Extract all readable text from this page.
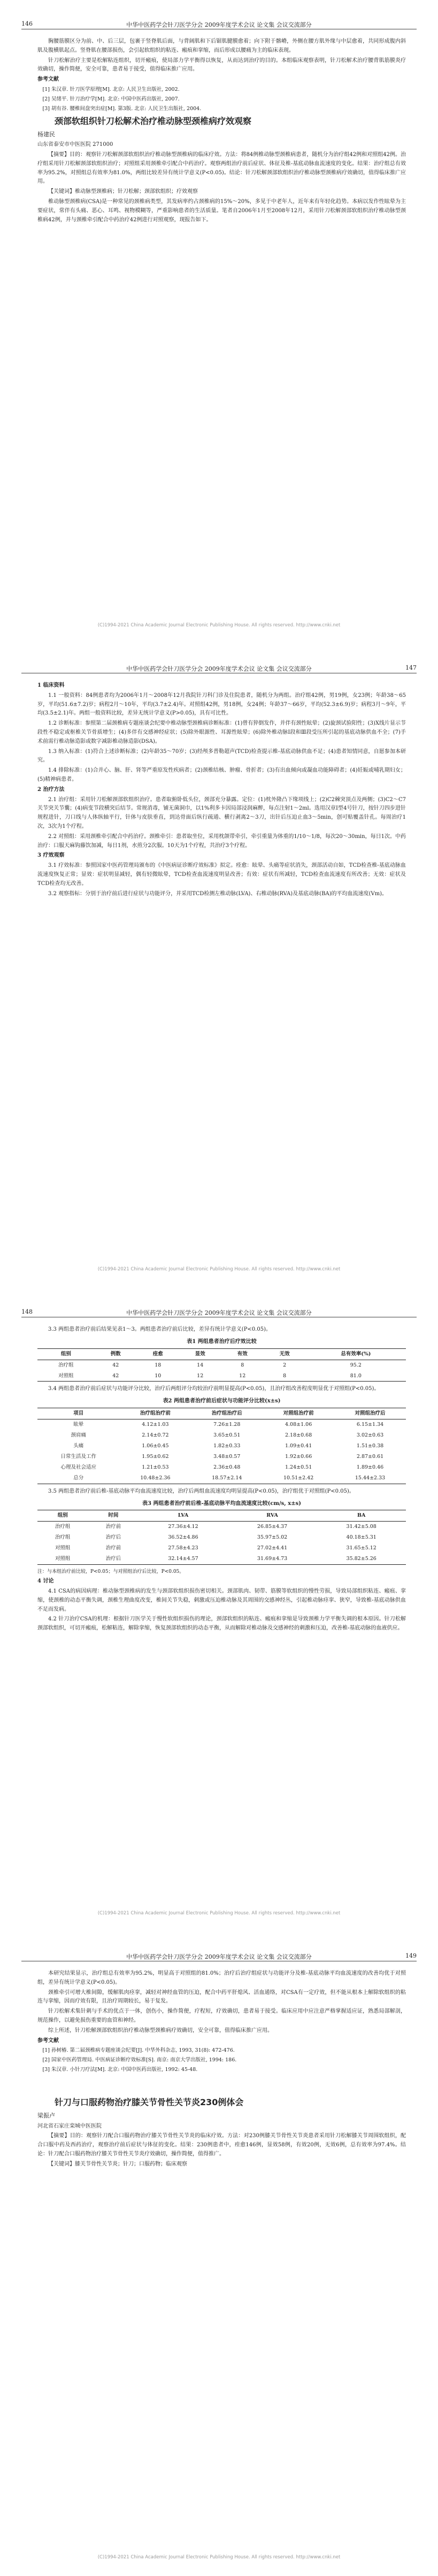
146	中华中医药学会针刀医学分会 2009年度学术会议 论文集 会议交流部分

胸腰筋膜区分为前、中、后三层，包裹于竖脊肌后面，与背阔肌和下后锯肌腱膜愈着；向下附于髂嵴，外侧在腰方肌外缘与中层愈着，共同形成腹内斜肌及腹横肌起点。竖脊肌在腰部损伤，会引起软组织的粘连、瘢痕和挛缩，而后形成以腰痛为主的临床表现。

针刀松解治疗主要是松解粘连组织，切开瘢痕，使局部力学平衡得以恢复，从而达到治疗的目的。本组临床观察表明，针刀松解术治疗腰背肌筋膜炎疗效确切，操作简便，安全可靠，患者易于接受，值得临床推广应用。

参考文献

[1] 朱汉章. 针刀医学原理[M]. 北京: 人民卫生出版社, 2002.

[2] 吴绪平. 针刀治疗学[M]. 北京: 中国中医药出版社, 2007.

[3] 胡有谷. 腰椎间盘突出症[M]. 第3版. 北京: 人民卫生出版社, 2004.

颈部软组织针刀松解术治疗椎动脉型颈椎病疗效观察

杨建民

山东省泰安市中医医院 271000

【摘要】目的：观察针刀松解颈部软组织治疗椎动脉型颈椎病的临床疗效。方法：将84例椎动脉型颈椎病患者，随机分为治疗组42例和对照组42例。治疗组采用针刀松解颈部软组织治疗；对照组采用颈椎牵引配合中药治疗。观察两组治疗前后症状、体征及椎-基底动脉血流速度的变化。结果：治疗组总有效率为95.2%，对照组总有效率为81.0%，两组比较差异有统计学意义(P<0.05)。结论：针刀松解颈部软组织治疗椎动脉型颈椎病疗效确切，值得临床推广应用。

【关键词】椎动脉型颈椎病；针刀松解；颈部软组织；疗效观察

椎动脉型颈椎病(CSA)是一种常见的颈椎病类型，其发病率约占颈椎病的15%～20%，多见于中老年人，近年来有年轻化趋势。本病以发作性眩晕为主要症状，常伴有头痛、恶心、耳鸣、视物模糊等，严重影响患者的生活质量。笔者自2006年1月至2008年12月，采用针刀松解颈部软组织治疗椎动脉型颈椎病42例，并与颈椎牵引配合中药治疗42例进行对照观察，现报告如下。

(C)1994-2021 China Academic Journal Electronic Publishing House. All rights reserved. http://www.cnki.net
中华中医药学会针刀医学分会 2009年度学术会议 论文集 会议交流部分	147

1 临床资料

1.1 一般资料：84例患者均为2006年1月～2008年12月我院针刀科门诊及住院患者，随机分为两组。治疗组42例，男19例，女23例；年龄38～65岁，平均(51.6±7.2)岁；病程2月～10年，平均(3.7±2.4)年。对照组42例，男18例，女24例；年龄37～66岁，平均(52.3±6.9)岁；病程3月～9年，平均(3.5±2.1)年。两组一般资料比较，差异无统计学意义(P>0.05)，具有可比性。

1.2 诊断标准：参照第二届颈椎病专题座谈会纪要中椎动脉型颈椎病诊断标准：(1)曾有猝倒发作，并伴有颈性眩晕；(2)旋颈试验阳性；(3)X线片显示节段性不稳定或枢椎关节骨质增生；(4)多伴有交感神经症状；(5)除外眼源性、耳源性眩晕；(6)除外椎动脉Ⅰ段和Ⅲ段受压所引起的基底动脉供血不全；(7)手术前需行椎动脉造影或数字减影椎动脉造影(DSA)。

1.3 纳入标准：(1)符合上述诊断标准；(2)年龄35～70岁；(3)经颅多普勒超声(TCD)检查提示椎-基底动脉供血不足；(4)患者知情同意，自愿参加本研究。

1.4 排除标准：(1)合并心、脑、肝、肾等严重原发性疾病者；(2)颈椎结核、肿瘤、骨折者；(3)有出血倾向或凝血功能障碍者；(4)妊娠或哺乳期妇女；(5)精神病患者。

2 治疗方法

2.1 治疗组：采用针刀松解颈部软组织治疗。患者取俯卧低头位，颈部充分暴露。定位：(1)枕外隆凸下缘项线上；(2)C2棘突顶点及两侧；(3)C2～C7关节突关节囊；(4)病变节段横突后结节。常规消毒，铺无菌洞巾，以1%利多卡因局部浸润麻醉，每点注射1～2ml。选用汉章Ⅰ型4号针刀，按针刀四步进针规程进针，刀口线与人体纵轴平行，针体与皮肤垂直，到达骨面后纵行疏通、横行剥离2～3刀，出针后压迫止血3～5min，创可贴覆盖针孔。每周治疗1次，3次为1个疗程。

2.2 对照组：采用颈椎牵引配合中药治疗。颈椎牵引：患者取坐位，采用枕颌带牵引，牵引重量为体重的1/10～1/8，每次20～30min，每日1次。中药治疗：口服天麻钩藤饮加减，每日1剂，水煎分2次服。10天为1个疗程，共治疗3个疗程。

3 疗效观察

3.1 疗效标准：参照国家中医药管理局颁布的《中医病证诊断疗效标准》拟定。痊愈：眩晕、头痛等症状消失，颈部活动自如，TCD检查椎-基底动脉血流速度恢复正常；显效：症状明显减轻，偶有轻微眩晕，TCD检查血流速度明显改善；有效：症状有所减轻，TCD检查血流速度有所改善；无效：症状及TCD检查均无改善。

3.2 观察指标：分别于治疗前后进行症状与功能评分，并采用TCD检测左椎动脉(LVA)、右椎动脉(RVA)及基底动脉(BA)的平均血流速度(Vm)。

(C)1994-2021 China Academic Journal Electronic Publishing House. All rights reserved. http://www.cnki.net
148	中华中医药学会针刀医学分会 2009年度学术会议 论文集 会议交流部分

3.3 两组患者治疗前后结果见表1～3。两组患者治疗前后比较，差异有统计学意义(P<0.05)。

表1 两组患者治疗后疗效比较
组别	例数	痊愈	显效	有效	无效	总有效率(%)
治疗组	42	18	14	8	2	95.2
对照组	42	10	12	12	8	81.0

3.4 两组患者治疗前后症状与功能评分比较，治疗后两组评分均较治疗前明显提高(P<0.05)，且治疗组改善程度明显优于对照组(P<0.05)。

表2 两组患者治疗前后症状与功能评分比较(x±s)
项目	治疗组治疗前	治疗组治疗后	对照组治疗前	对照组治疗后
眩晕	4.12±1.03	7.26±1.28	4.08±1.06	6.15±1.34
颈肩痛	2.14±0.72	3.65±0.51	2.18±0.68	3.02±0.63
头痛	1.06±0.45	1.82±0.33	1.09±0.41	1.51±0.38
日常生活及工作	1.95±0.62	3.48±0.57	1.92±0.66	2.87±0.61
心理及社会适应	1.21±0.53	2.36±0.48	1.24±0.51	1.89±0.46
总分	10.48±2.36	18.57±2.14	10.51±2.42	15.44±2.33

3.5 两组患者治疗前后椎-基底动脉平均血流速度比较，治疗后两组血流速度均明显提高(P<0.05)，治疗组优于对照组(P<0.05)。

表3 两组患者治疗前后椎-基底动脉平均血流速度比较(cm/s, x±s)
组别	时间	LVA	RVA	BA
治疗组	治疗前	27.36±4.12	26.85±4.37	31.42±5.08
治疗组	治疗后	36.52±4.86	35.97±5.02	40.18±5.31
对照组	治疗前	27.58±4.23	27.02±4.41	31.65±5.12
对照组	治疗后	32.14±4.57	31.69±4.73	35.82±5.26

注：与本组治疗前比较，P<0.05；与对照组治疗后比较，P<0.05。

4 讨论

4.1 CSA的病因病理：椎动脉型颈椎病的发生与颈部软组织损伤密切相关。颈部肌肉、韧带、筋膜等软组织的慢性劳损，导致局部组织粘连、瘢痕、挛缩，使颈椎的动态平衡失调，颈椎生理曲度改变，椎间关节失稳，刺激或压迫椎动脉及其周围的交感神经丛，引起椎动脉痉挛、狭窄，导致椎-基底动脉供血不足而发病。

4.2 针刀治疗CSA的机理：根据针刀医学关于慢性软组织损伤的理论，颈部软组织的粘连、瘢痕和挛缩是导致颈椎力学平衡失调的根本原因。针刀松解颈部软组织，可切开瘢痕，松解粘连，解除挛缩，恢复颈部软组织的动态平衡，从而解除对椎动脉及交感神经的刺激和压迫，改善椎-基底动脉的血液供应。

(C)1994-2021 China Academic Journal Electronic Publishing House. All rights reserved. http://www.cnki.net
中华中医药学会针刀医学分会 2009年度学术会议 论文集 会议交流部分	149

本研究结果显示，治疗组总有效率为95.2%，明显高于对照组的81.0%；治疗后治疗组症状与功能评分及椎-基底动脉平均血流速度的改善均优于对照组，差异有统计学意义(P<0.05)。

颈椎牵引可增大椎间隙，缓解肌肉痉挛，减轻对神经血管的压迫，配合中药平肝熄风、活血通络，对CSA有一定疗效，但不能从根本上解除软组织的粘连与挛缩，因而疗效有限，且治疗周期较长，易于复发。

针刀松解术集针刺与手术的优点于一体，创伤小，操作简便，疗程短，疗效确切，患者易于接受。临床应用中应注意严格掌握适应证，熟悉局部解剖，规范操作，以避免损伤重要的血管和神经。

综上所述，针刀松解颈部软组织治疗椎动脉型颈椎病疗效确切，安全可靠，值得临床推广应用。

参考文献

[1] 孙树椿. 第二届颈椎病专题座谈会纪要[J]. 中华外科杂志, 1993, 31(8): 472-476.

[2] 国家中医药管理局. 中医病证诊断疗效标准[S]. 南京: 南京大学出版社, 1994: 186.

[3] 朱汉章. 小针刀疗法[M]. 北京: 中国中医药出版社, 1992: 45-48.

针刀与口服药物治疗膝关节骨性关节炎230例体会

梁振卢

河北省石家庄栾城中医医院

【摘要】目的：观察针刀配合口服药物治疗膝关节骨性关节炎的临床疗效。方法：对230例膝关节骨性关节炎患者采用针刀松解膝关节周围软组织，配合口服中药及西药治疗，观察治疗前后症状与体征的变化。结果：230例患者中，痊愈146例，显效58例，有效20例，无效6例，总有效率为97.4%。结论：针刀配合口服药物治疗膝关节骨性关节炎疗效确切，操作简便，值得推广。

【关键词】膝关节骨性关节炎；针刀；口服药物；临床观察

(C)1994-2021 China Academic Journal Electronic Publishing House. All rights reserved. http://www.cnki.net
